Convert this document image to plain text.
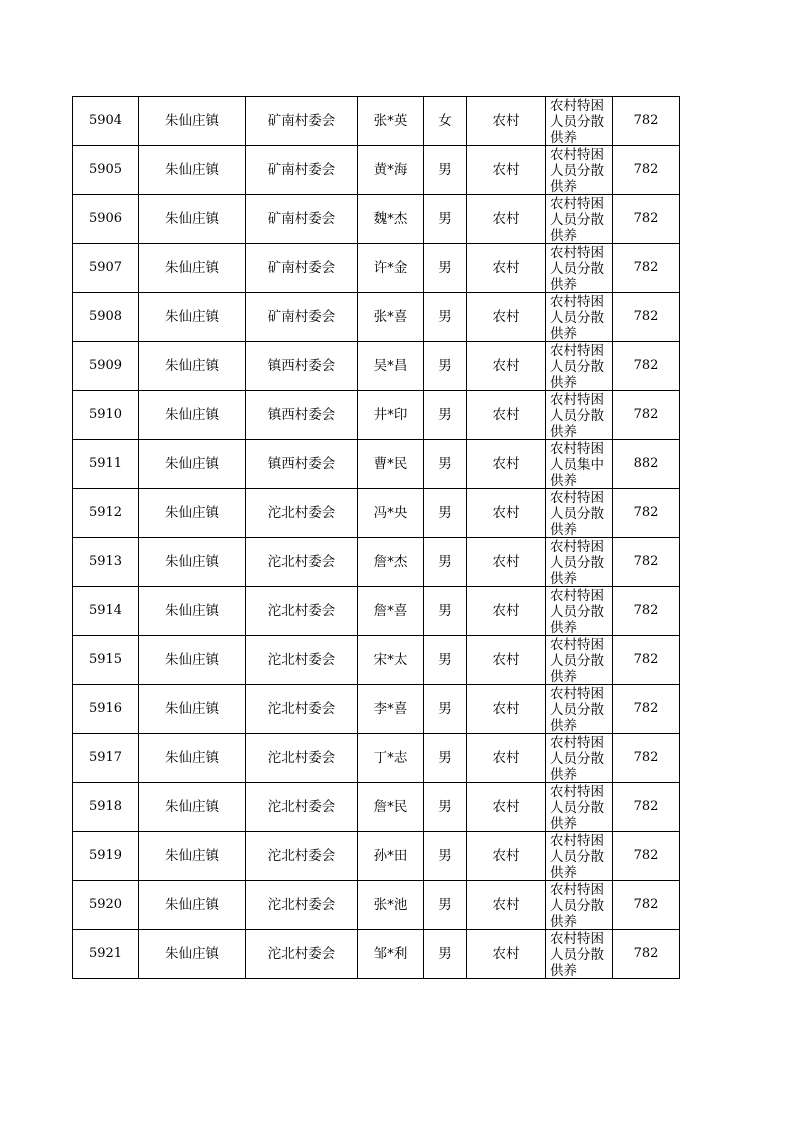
5904	朱仙庄镇	矿南村委会	张*英	女	农村	农村特困人员分散供养	782
5905	朱仙庄镇	矿南村委会	黄*海	男	农村	农村特困人员分散供养	782
5906	朱仙庄镇	矿南村委会	魏*杰	男	农村	农村特困人员分散供养	782
5907	朱仙庄镇	矿南村委会	许*金	男	农村	农村特困人员分散供养	782
5908	朱仙庄镇	矿南村委会	张*喜	男	农村	农村特困人员分散供养	782
5909	朱仙庄镇	镇西村委会	吴*昌	男	农村	农村特困人员分散供养	782
5910	朱仙庄镇	镇西村委会	井*印	男	农村	农村特困人员分散供养	782
5911	朱仙庄镇	镇西村委会	曹*民	男	农村	农村特困人员集中供养	882
5912	朱仙庄镇	沱北村委会	冯*央	男	农村	农村特困人员分散供养	782
5913	朱仙庄镇	沱北村委会	詹*杰	男	农村	农村特困人员分散供养	782
5914	朱仙庄镇	沱北村委会	詹*喜	男	农村	农村特困人员分散供养	782
5915	朱仙庄镇	沱北村委会	宋*太	男	农村	农村特困人员分散供养	782
5916	朱仙庄镇	沱北村委会	李*喜	男	农村	农村特困人员分散供养	782
5917	朱仙庄镇	沱北村委会	丁*志	男	农村	农村特困人员分散供养	782
5918	朱仙庄镇	沱北村委会	詹*民	男	农村	农村特困人员分散供养	782
5919	朱仙庄镇	沱北村委会	孙*田	男	农村	农村特困人员分散供养	782
5920	朱仙庄镇	沱北村委会	张*池	男	农村	农村特困人员分散供养	782
5921	朱仙庄镇	沱北村委会	邹*利	男	农村	农村特困人员分散供养	782
